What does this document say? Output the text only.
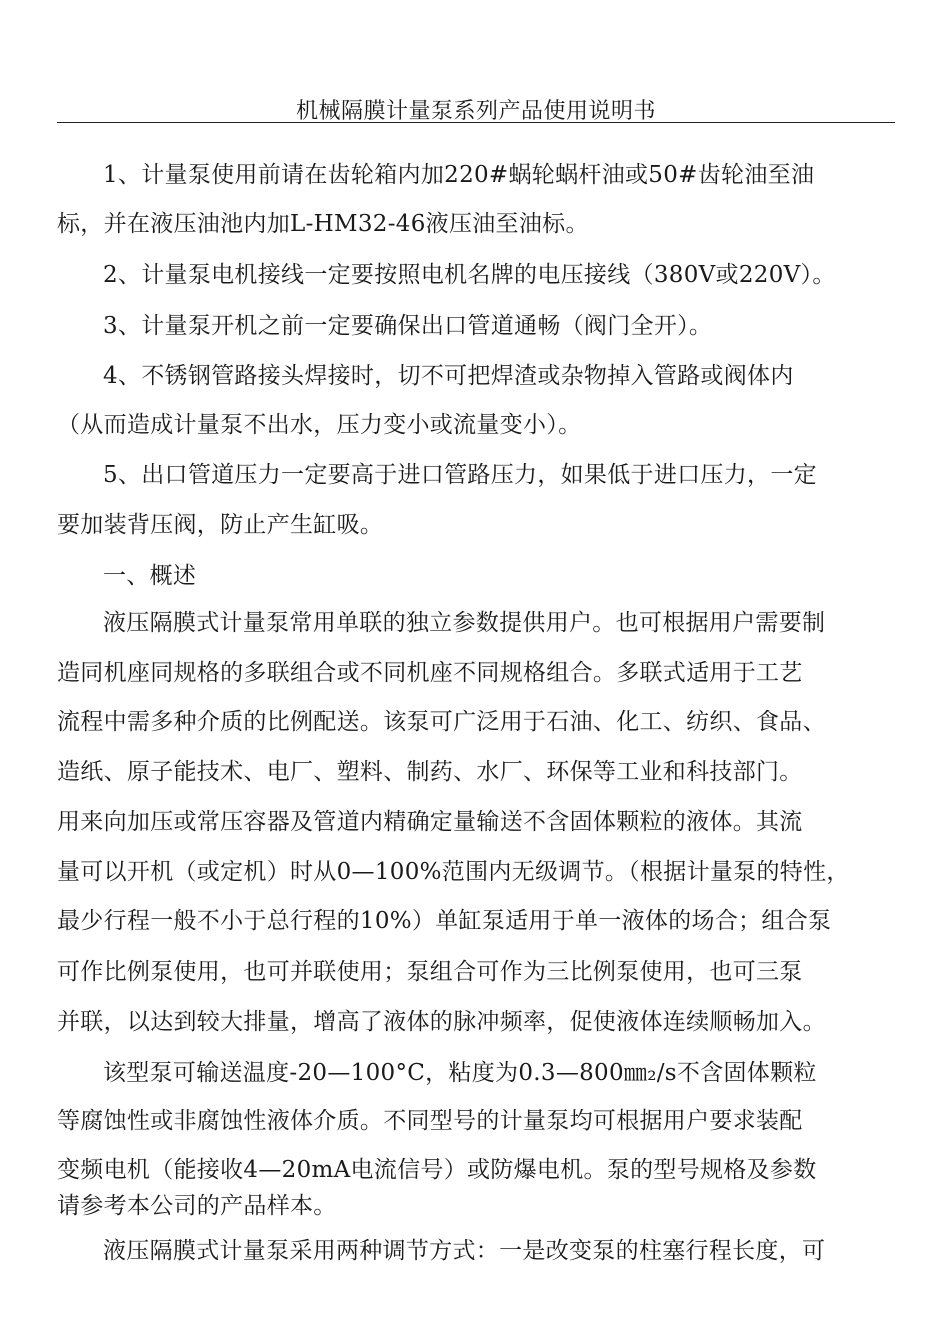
机械隔膜计量泵系列产品使用说明书
1、计量泵使用前请在齿轮箱内加220#蜗轮蜗杆油或50#齿轮油至油
标，并在液压油池内加L-HM32-46液压油至油标。
2、计量泵电机接线一定要按照电机名牌的电压接线（380V或220V）。
3、计量泵开机之前一定要确保出口管道通畅（阀门全开）。
4、不锈钢管路接头焊接时，切不可把焊渣或杂物掉入管路或阀体内
（从而造成计量泵不出水，压力变小或流量变小）。
5、出口管道压力一定要高于进口管路压力，如果低于进口压力，一定
要加装背压阀，防止产生缸吸。
一、概述
液压隔膜式计量泵常用单联的独立参数提供用户。也可根据用户需要制
造同机座同规格的多联组合或不同机座不同规格组合。多联式适用于工艺
流程中需多种介质的比例配送。该泵可广泛用于石油、化工、纺织、食品、
造纸、原子能技术、电厂、塑料、制药、水厂、环保等工业和科技部门。
用来向加压或常压容器及管道内精确定量输送不含固体颗粒的液体。其流
量可以开机（或定机）时从0—100%范围内无级调节。（根据计量泵的特性，
最少行程一般不小于总行程的10%）单缸泵适用于单一液体的场合；组合泵
可作比例泵使用，也可并联使用；泵组合可作为三比例泵使用，也可三泵
并联，以达到较大排量，增高了液体的脉冲频率，促使液体连续顺畅加入。
该型泵可输送温度-20—100°C，粘度为0.3—800㎜₂/s不含固体颗粒
等腐蚀性或非腐蚀性液体介质。不同型号的计量泵均可根据用户要求装配
变频电机（能接收4—20mA电流信号）或防爆电机。泵的型号规格及参数
请参考本公司的产品样本。
液压隔膜式计量泵采用两种调节方式：一是改变泵的柱塞行程长度，可
